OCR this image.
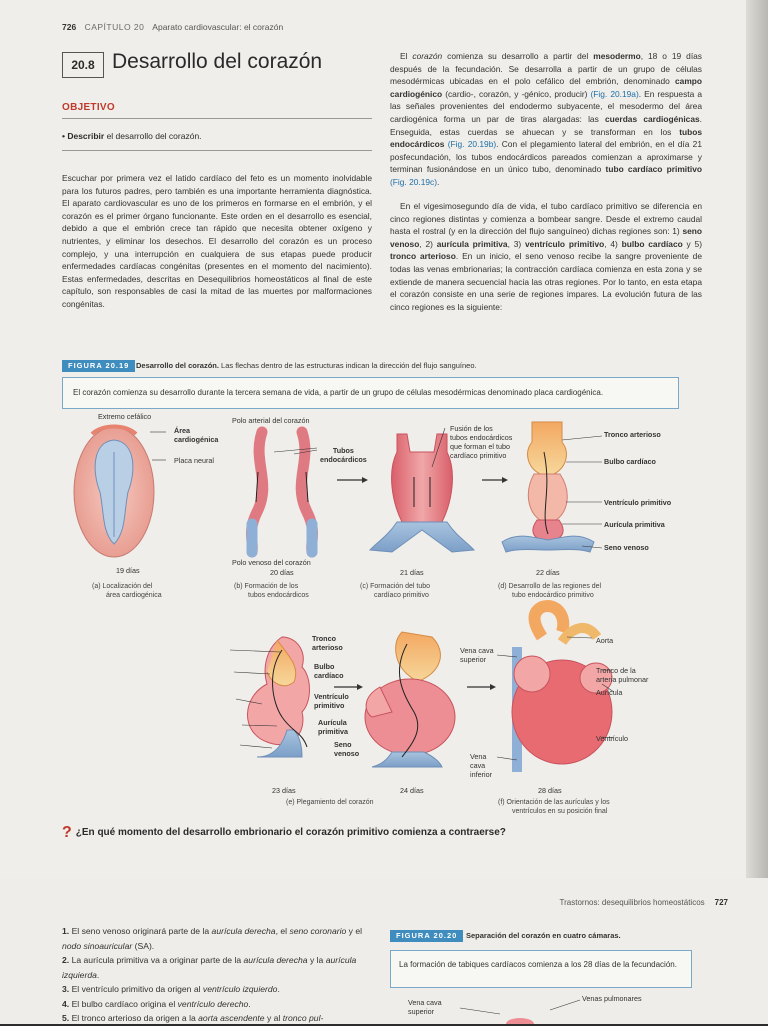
726 CAPÍTULO 20 Aparato cardiovascular: el corazón
20.8 Desarrollo del corazón
OBJETIVO
• Describir el desarrollo del corazón.
Escuchar por primera vez el latido cardíaco del feto es un momento inolvidable para los futuros padres, pero también es una importante herramienta diagnóstica. El aparato cardiovascular es uno de los primeros en formarse en el embrión, y el corazón es el primer órgano funcionante. Este orden en el desarrollo es esencial, debido a que el embrión crece tan rápido que necesita obtener oxígeno y nutrientes, y eliminar los desechos. El desarrollo del corazón es un proceso complejo, y una interrupción en cualquiera de sus etapas puede producir enfermedades cardíacas congénitas (presentes en el momento del nacimiento). Estas enfermedades, descritas en Desequilibrios homeostáticos al final de este capítulo, son responsables de casi la mitad de las muertes por malformaciones congénitas.
El corazón comienza su desarrollo a partir del mesodermo, 18 o 19 días después de la fecundación. Se desarrolla a partir de un grupo de células mesodérmicas ubicadas en el polo cefálico del embrión, denominado campo cardiogénico (cardio-, corazón, y -génico, producir) (Fig. 20.19a). En respuesta a las señales provenientes del endodermo subyacente, el mesodermo del área cardiogénica forma un par de tiras alargadas: las cuerdas cardiogénicas. Enseguida, estas cuerdas se ahuecan y se transforman en los tubos endocárdicos (Fig. 20.19b). Con el plegamiento lateral del embrión, en el día 21 posfecundación, los tubos endocárdicos pareados comienzan a aproximarse y terminan fusionándose en un único tubo, denominado tubo cardíaco primitivo (Fig. 20.19c).
En el vigesimosegundo día de vida, el tubo cardíaco primitivo se diferencia en cinco regiones distintas y comienza a bombear sangre. Desde el extremo caudal hasta el rostral (y en la dirección del flujo sanguíneo) dichas regiones son: 1) seno venoso, 2) aurícula primitiva, 3) ventrículo primitivo, 4) bulbo cardíaco y 5) tronco arterioso. En un inicio, el seno venoso recibe la sangre proveniente de todas las venas embrionarias; la contracción cardíaca comienza en esta zona y se extiende de manera secuencial hacia las otras regiones. Por lo tanto, en esta etapa el corazón consiste en una serie de regiones impares. La evolución futura de las cinco regiones es la siguiente:
FIGURA 20.19 Desarrollo del corazón. Las flechas dentro de las estructuras indican la dirección del flujo sanguíneo.
El corazón comienza su desarrollo durante la tercera semana de vida, a partir de un grupo de células mesodérmicas denominado placa cardiogénica.
Extremo cefálico
Área
cardiogénica
Placa neural
Polo arterial del corazón
Tubos
endocárdicos
Polo venoso del corazón
Fusión de los
tubos endocárdicos
que forman el tubo
cardíaco primitivo
Tronco arterioso
Bulbo cardíaco
Ventrículo primitivo
Aurícula primitiva
Seno venoso
19 días	20 días	21 días	22 días
(a) Localización del
área cardiogénica
(b) Formación de los
tubos endocárdicos
(c) Formación del tubo
cardíaco primitivo
(d) Desarrollo de las regiones del
tubo endocárdico primitivo
Tronco
arterioso
Bulbo
cardíaco
Ventrículo
primitivo
Aurícula
primitiva
Seno
venoso
Vena cava
superior
Vena
cava
inferior
Aorta
Tronco de la
arteria pulmonar
Aurícula
Ventrículo
23 días	24 días	28 días
(e) Plegamiento del corazón	(f) Orientación de las aurículas y los
ventrículos en su posición final
? ¿En qué momento del desarrollo embrionario el corazón primitivo comienza a contraerse?
Trastornos: desequilibrios homeostáticos 727
1. El seno venoso originará parte de la aurícula derecha, el seno coronario y el nodo sinoauricular (SA).
2. La aurícula primitiva va a originar parte de la aurícula derecha y la aurícula izquierda.
3. El ventrículo primitivo da origen al ventrículo izquierdo.
4. El bulbo cardíaco origina el ventrículo derecho.
5. El tronco arterioso da origen a la aorta ascendente y al tronco pul-
FIGURA 20.20	Separación del corazón en cuatro cámaras.
La formación de tabiques cardíacos comienza a los 28 días de la fecundación.
Vena cava
superior
Venas pulmonares
